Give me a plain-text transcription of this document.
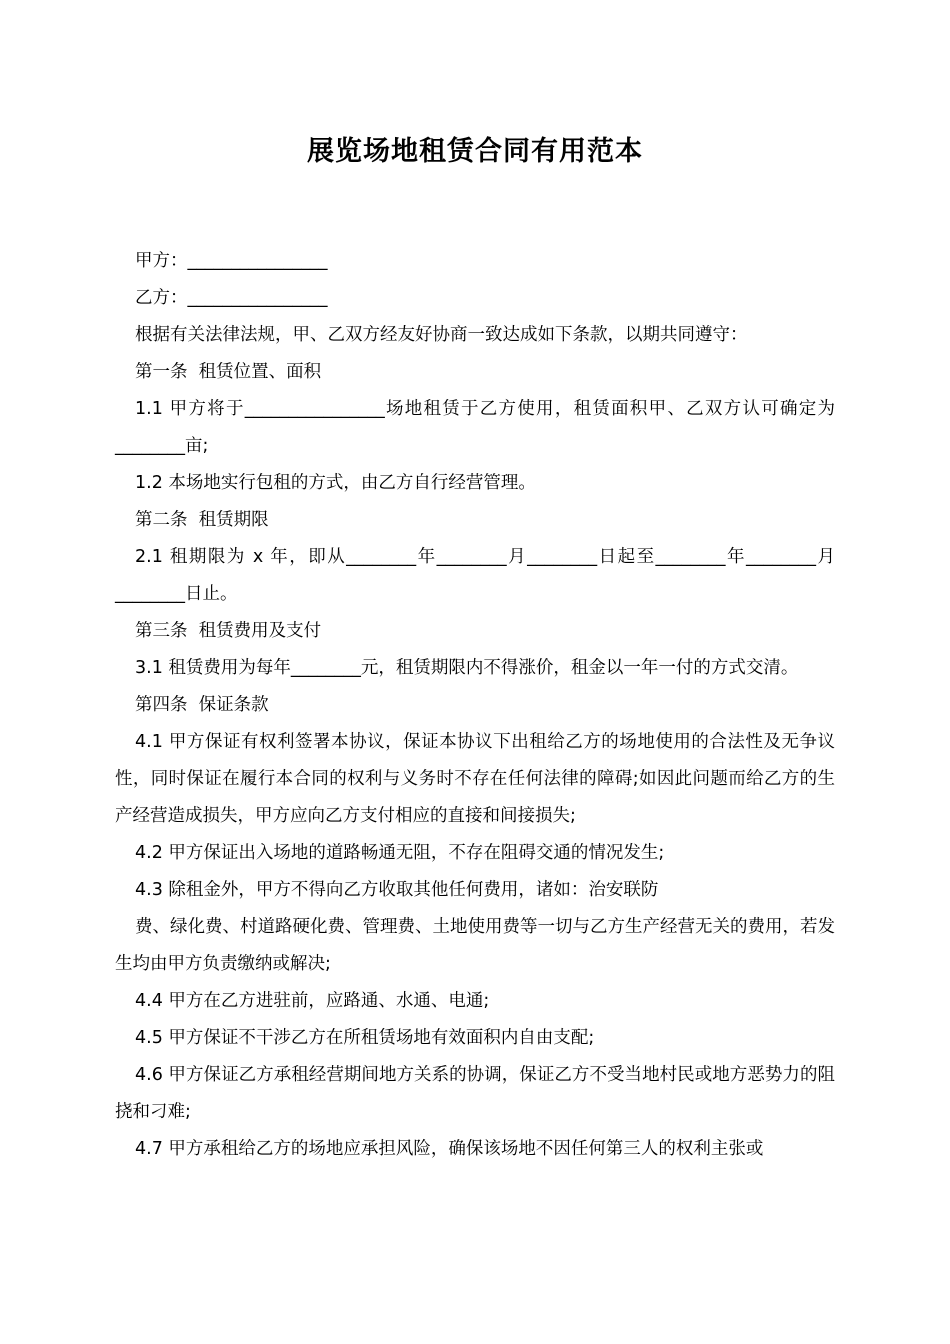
展览场地租赁合同有用范本

甲方：________________

乙方：________________

根据有关法律法规，甲、乙双方经友好协商一致达成如下条款，以期共同遵守：

第一条  租赁位置、面积

1.1 甲方将于________________场地租赁于乙方使用，租赁面积甲、乙双方认可确定为________亩;

1.2 本场地实行包租的方式，由乙方自行经营管理。

第二条  租赁期限

2.1 租期限为 x 年，即从________年________月________日起至________年________月________日止。

第三条  租赁费用及支付

3.1 租赁费用为每年________元，租赁期限内不得涨价，租金以一年一付的方式交清。

第四条  保证条款

4.1 甲方保证有权利签署本协议，保证本协议下出租给乙方的场地使用的合法性及无争议性，同时保证在履行本合同的权利与义务时不存在任何法律的障碍;如因此问题而给乙方的生产经营造成损失，甲方应向乙方支付相应的直接和间接损失;

4.2 甲方保证出入场地的道路畅通无阻，不存在阻碍交通的情况发生;

4.3 除租金外，甲方不得向乙方收取其他任何费用，诸如：治安联防

费、绿化费、村道路硬化费、管理费、土地使用费等一切与乙方生产经营无关的费用，若发生均由甲方负责缴纳或解决;

4.4 甲方在乙方进驻前，应路通、水通、电通;

4.5 甲方保证不干涉乙方在所租赁场地有效面积内自由支配;

4.6 甲方保证乙方承租经营期间地方关系的协调，保证乙方不受当地村民或地方恶势力的阻挠和刁难;

4.7 甲方承租给乙方的场地应承担风险，确保该场地不因任何第三人的权利主张或
